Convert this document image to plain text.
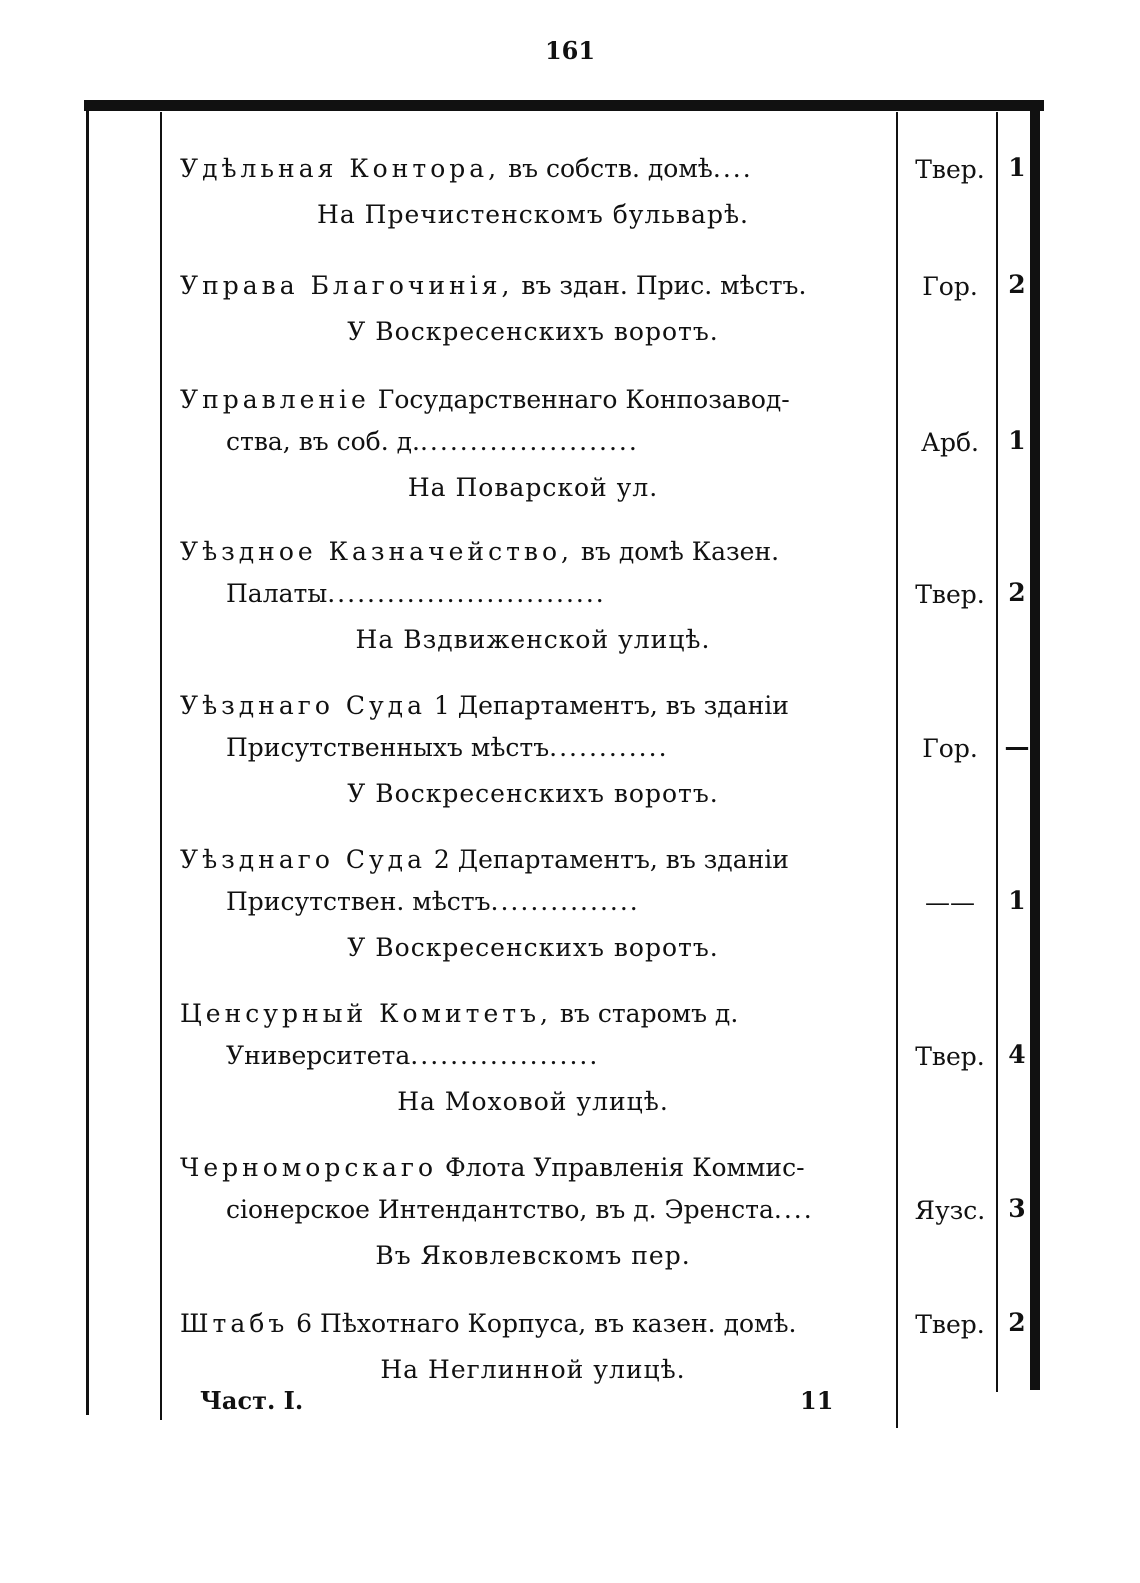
161
Удѣльная Контора, въ собств. домѣ....	Твер. 1
На Пречистенскомъ бульварѣ.
Управа Благочинія, въ здан. Прис. мѣстъ.	Гор.	2
У Воскресенскихъ воротъ.
Управленіе Государственнаго Конпозавод-
ства, въ соб. д.......................	Арб.	1
На Поварской ул.
Уѣздное Казначейство, въ домѣ Казен.
Палаты............................	Твер. 2
На Вздвиженской улицѣ.
Уѣзднаго Суда 1 Департаментъ, въ зданіи
Присутственныхъ мѣстъ............	Гор.	—
У Воскресенскихъ воротъ.
Уѣзднаго Суда 2 Департаментъ, въ зданіи
Присутствен. мѣстъ...............	——	1
У Воскресенскихъ воротъ.
Ценсурный Комитетъ, въ старомъ д.
Университета...................	Твер. 4
На Моховой улицѣ.
Черноморскаго Флота Управленія Коммис-
сіонерское Интендантство, въ д. Эренста....	Яузс. 3
Въ Яковлевскомъ пер.
Штабъ 6 Пѣхотнаго Корпуса, въ казен. домѣ.	Твер. 2
На Неглинной улицѣ.
Част. I.	11
